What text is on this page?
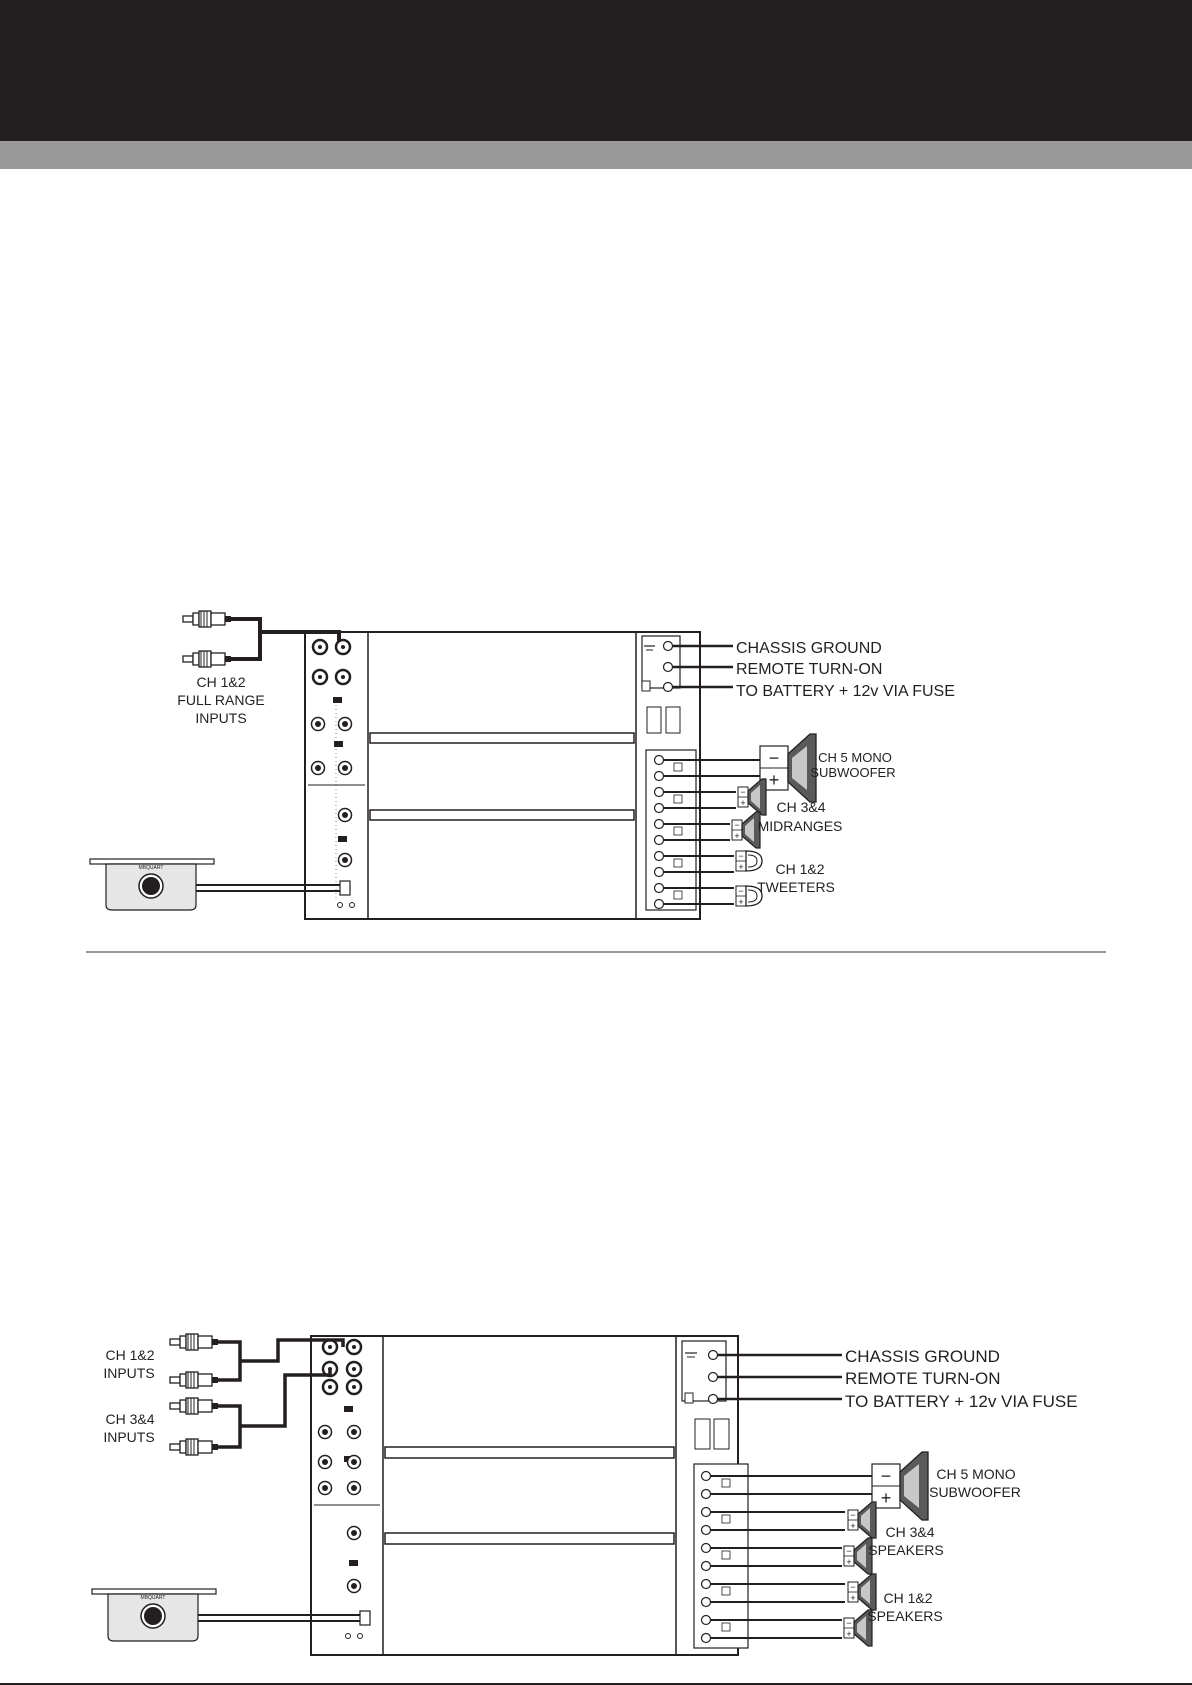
MBQUART
CH 1&2
FULL RANGE
INPUTS
CHASSIS GROUND
REMOTE TURN-ON
TO BATTERY + 12v VIA FUSE
CH 5 MONO
SUBWOOFER
CH 3&4
MIDRANGES
CH 1&2
TWEETERS
MBQUART
CH 1&2
INPUTS
CH 3&4
INPUTS
CHASSIS GROUND
REMOTE TURN-ON
TO BATTERY + 12v VIA FUSE
CH 5 MONO
SUBWOOFER
CH 3&4
SPEAKERS
CH 1&2
SPEAKERS
